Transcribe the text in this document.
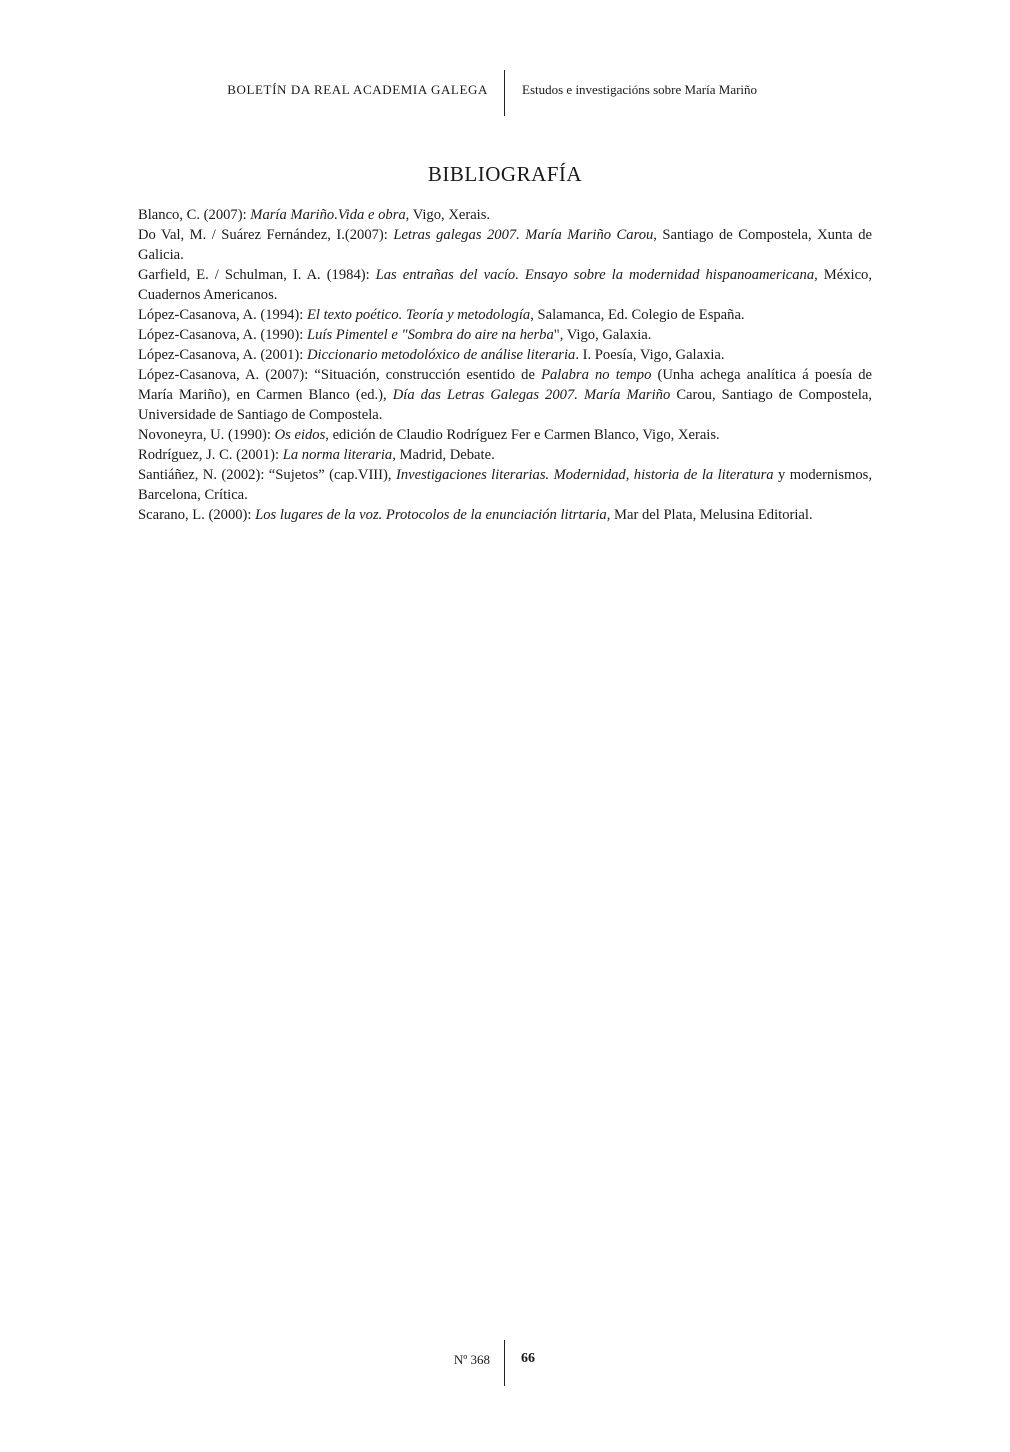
BOLETÍN DA REAL ACADEMIA GALEGA	Estudos e investigacións sobre María Mariño
BIBLIOGRAFÍA

Blanco, C. (2007): María Mariño.Vida e obra, Vigo, Xerais.

Do Val, M. / Suárez Fernández, I.(2007): Letras galegas 2007. María Mariño Carou, Santiago de Compostela, Xunta de Galicia.

Garfield, E. / Schulman, I. A. (1984): Las entrañas del vacío. Ensayo sobre la modernidad hispanoamericana, México, Cuadernos Americanos.

López-Casanova, A. (1994): El texto poético. Teoría y metodología, Salamanca, Ed. Colegio de España.

López-Casanova, A. (1990): Luís Pimentel e "Sombra do aire na herba", Vigo, Galaxia.

López-Casanova, A. (2001): Diccionario metodolóxico de análise literaria. I. Poesía, Vigo, Galaxia.

López-Casanova, A. (2007): “Situación, construcción esentido de Palabra no tempo (Unha achega analítica á poesía de María Mariño), en Carmen Blanco (ed.), Día das Letras Galegas 2007. María Mariño Carou, Santiago de Compostela, Universidade de Santiago de Compostela.

Novoneyra, U. (1990): Os eidos, edición de Claudio Rodríguez Fer e Carmen Blanco, Vigo, Xerais.

Rodríguez, J. C. (2001): La norma literaria, Madrid, Debate.

Santiáñez, N. (2002): “Sujetos” (cap.VIII), Investigaciones literarias. Modernidad, historia de la literatura y modernismos, Barcelona, Crítica.

Scarano, L. (2000): Los lugares de la voz. Protocolos de la enunciación litrtaria, Mar del Plata, Melusina Editorial.

Nº 368 66
